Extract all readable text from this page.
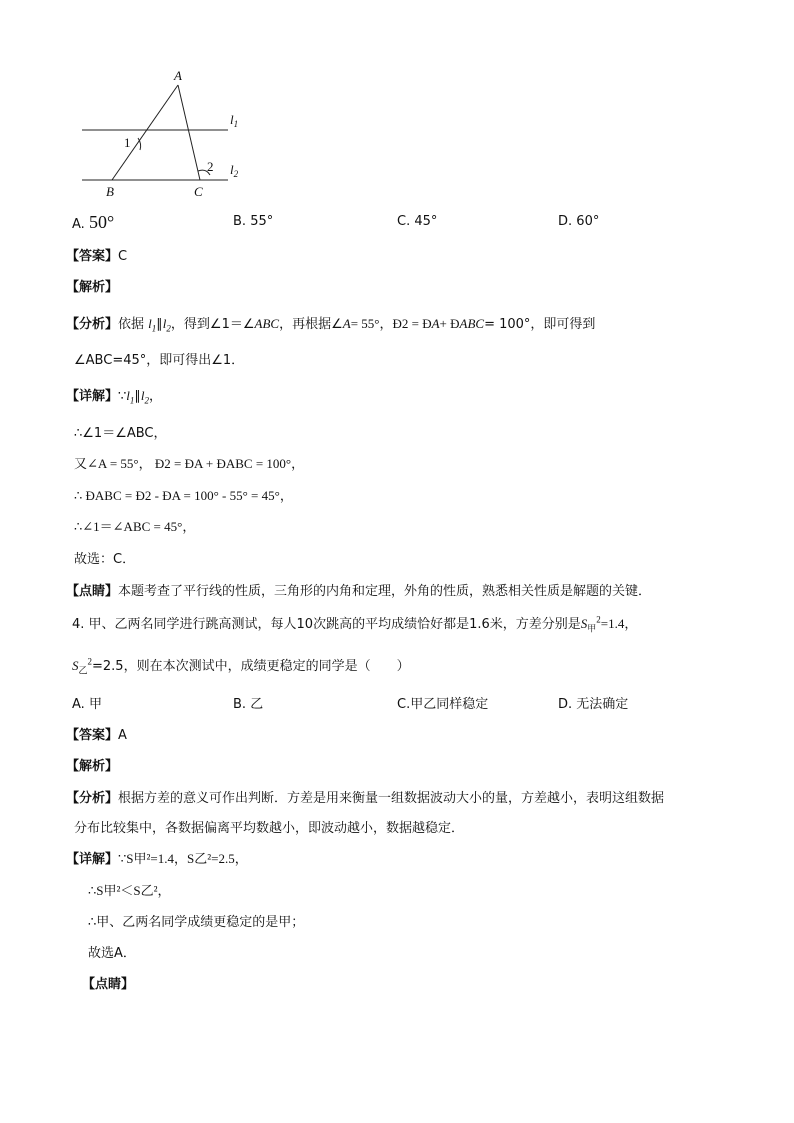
A
B	C
1
2
$l_1$
$l_2$
A. 50°	B. 55°	C. 45°	D. 60°
【答案】C
【解析】
【分析】依据 $l_1\parallel l_2$，得到∠1＝∠ABC，再根据∠A= 55°，Ð2 = ÐA+ ÐABC= 100°，即可得到
∠ABC=45°，即可得出∠1．
【详解】$\because l_1\parallel l_2$，
∴∠1＝∠ABC，
又∠A = 55°， Ð2 = ÐA + ÐABC = 100°，
∴ ÐABC = Ð2 - ÐA = 100° - 55° = 45°，
∴∠1＝∠ABC = 45°，
故选：C．
【点睛】本题考查了平行线的性质，三角形的内角和定理，外角的性质，熟悉相关性质是解题的关键．
4. 甲、乙两名同学进行跳高测试，每人10次跳高的平均成绩恰好都是1.6米，方差分别是$S_甲^2=1.4$，
$S_乙^2=2.5$，则在本次测试中，成绩更稳定的同学是（　　）
A. 甲	B. 乙	C.甲乙同样稳定	D. 无法确定
【答案】A
【解析】
【分析】根据方差的意义可作出判断．方差是用来衡量一组数据波动大小的量，方差越小，表明这组数据
分布比较集中，各数据偏离平均数越小，即波动越小，数据越稳定．
【详解】∵S甲²=1.4，S乙²=2.5，
∴S甲²＜S乙²，
∴甲、乙两名同学成绩更稳定的是甲；
故选A．
【点睛】
